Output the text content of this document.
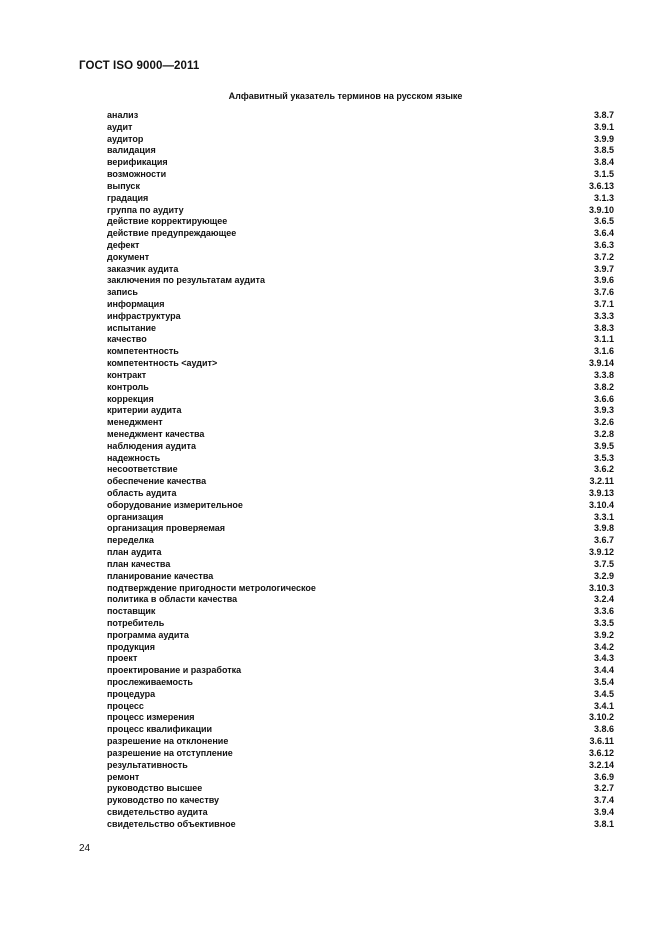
ГОСТ ISO 9000—2011
Алфавитный указатель терминов на русском языке
анализ	3.8.7
аудит	3.9.1
аудитор	3.9.9
валидация	3.8.5
верификация	3.8.4
возможности	3.1.5
выпуск	3.6.13
градация	3.1.3
группа по аудиту	3.9.10
действие корректирующее	3.6.5
действие предупреждающее	3.6.4
дефект	3.6.3
документ	3.7.2
заказчик аудита	3.9.7
заключения по результатам аудита	3.9.6
запись	3.7.6
информация	3.7.1
инфраструктура	3.3.3
испытание	3.8.3
качество	3.1.1
компетентность	3.1.6
компетентность <аудит>	3.9.14
контракт	3.3.8
контроль	3.8.2
коррекция	3.6.6
критерии аудита	3.9.3
менеджмент	3.2.6
менеджмент качества	3.2.8
наблюдения аудита	3.9.5
надежность	3.5.3
несоответствие	3.6.2
обеспечение качества	3.2.11
область аудита	3.9.13
оборудование измерительное	3.10.4
организация	3.3.1
организация проверяемая	3.9.8
переделка	3.6.7
план аудита	3.9.12
план качества	3.7.5
планирование качества	3.2.9
подтверждение пригодности метрологическое	3.10.3
политика в области качества	3.2.4
поставщик	3.3.6
потребитель	3.3.5
программа аудита	3.9.2
продукция	3.4.2
проект	3.4.3
проектирование и разработка	3.4.4
прослеживаемость	3.5.4
процедура	3.4.5
процесс	3.4.1
процесс измерения	3.10.2
процесс квалификации	3.8.6
разрешение на отклонение	3.6.11
разрешение на отступление	3.6.12
результативность	3.2.14
ремонт	3.6.9
руководство высшее	3.2.7
руководство по качеству	3.7.4
свидетельство аудита	3.9.4
свидетельство объективное	3.8.1
24
